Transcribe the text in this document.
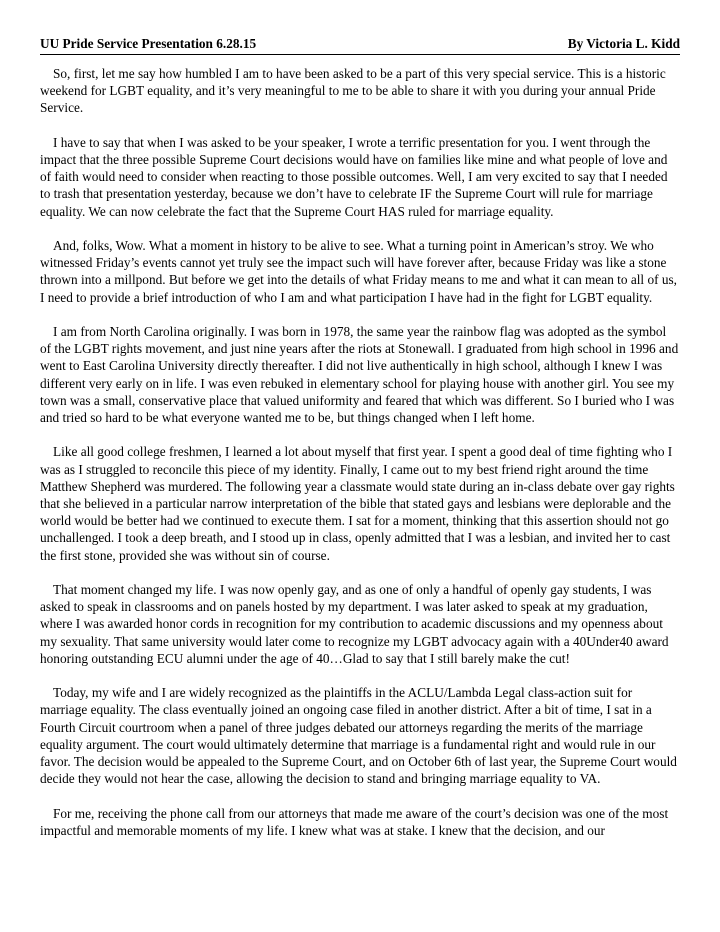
UU Pride Service Presentation 6.28.15	By Victoria L. Kidd

So, first, let me say how humbled I am to have been asked to be a part of this very special service. This is a historic weekend for LGBT equality, and it’s very meaningful to me to be able to share it with you during your annual Pride Service.

I have to say that when I was asked to be your speaker, I wrote a terrific presentation for you. I went through the impact that the three possible Supreme Court decisions would have on families like mine and what people of love and of faith would need to consider when reacting to those possible outcomes. Well, I am very excited to say that I needed to trash that presentation yesterday, because we don’t have to celebrate IF the Supreme Court will rule for marriage equality. We can now celebrate the fact that the Supreme Court HAS ruled for marriage equality.

And, folks, Wow. What a moment in history to be alive to see. What a turning point in American’s stroy. We who witnessed Friday’s events cannot yet truly see the impact such will have forever after, because Friday was like a stone thrown into a millpond. But before we get into the details of what Friday means to me and what it can mean to all of us, I need to provide a brief introduction of who I am and what participation I have had in the fight for LGBT equality.

I am from North Carolina originally. I was born in 1978, the same year the rainbow flag was adopted as the symbol of the LGBT rights movement, and just nine years after the riots at Stonewall. I graduated from high school in 1996 and went to East Carolina University directly thereafter. I did not live authentically in high school, although I knew I was different very early on in life. I was even rebuked in elementary school for playing house with another girl. You see my town was a small, conservative place that valued uniformity and feared that which was different. So I buried who I was and tried so hard to be what everyone wanted me to be, but things changed when I left home.

Like all good college freshmen, I learned a lot about myself that first year. I spent a good deal of time fighting who I was as I struggled to reconcile this piece of my identity. Finally, I came out to my best friend right around the time Matthew Shepherd was murdered. The following year a classmate would state during an in-class debate over gay rights that she believed in a particular narrow interpretation of the bible that stated gays and lesbians were deplorable and the world would be better had we continued to execute them. I sat for a moment, thinking that this assertion should not go unchallenged. I took a deep breath, and I stood up in class, openly admitted that I was a lesbian, and invited her to cast the first stone, provided she was without sin of course.

That moment changed my life. I was now openly gay, and as one of only a handful of openly gay students, I was asked to speak in classrooms and on panels hosted by my department. I was later asked to speak at my graduation, where I was awarded honor cords in recognition for my contribution to academic discussions and my openness about my sexuality. That same university would later come to recognize my LGBT advocacy again with a 40Under40 award honoring outstanding ECU alumni under the age of 40…Glad to say that I still barely make the cut!

Today, my wife and I are widely recognized as the plaintiffs in the ACLU/Lambda Legal class-action suit for marriage equality. The class eventually joined an ongoing case filed in another district. After a bit of time, I sat in a Fourth Circuit courtroom when a panel of three judges debated our attorneys regarding the merits of the marriage equality argument. The court would ultimately determine that marriage is a fundamental right and would rule in our favor. The decision would be appealed to the Supreme Court, and on October 6th of last year, the Supreme Court would decide they would not hear the case, allowing the decision to stand and bringing marriage equality to VA.

For me, receiving the phone call from our attorneys that made me aware of the court’s decision was one of the most impactful and memorable moments of my life. I knew what was at stake. I knew that the decision, and our
